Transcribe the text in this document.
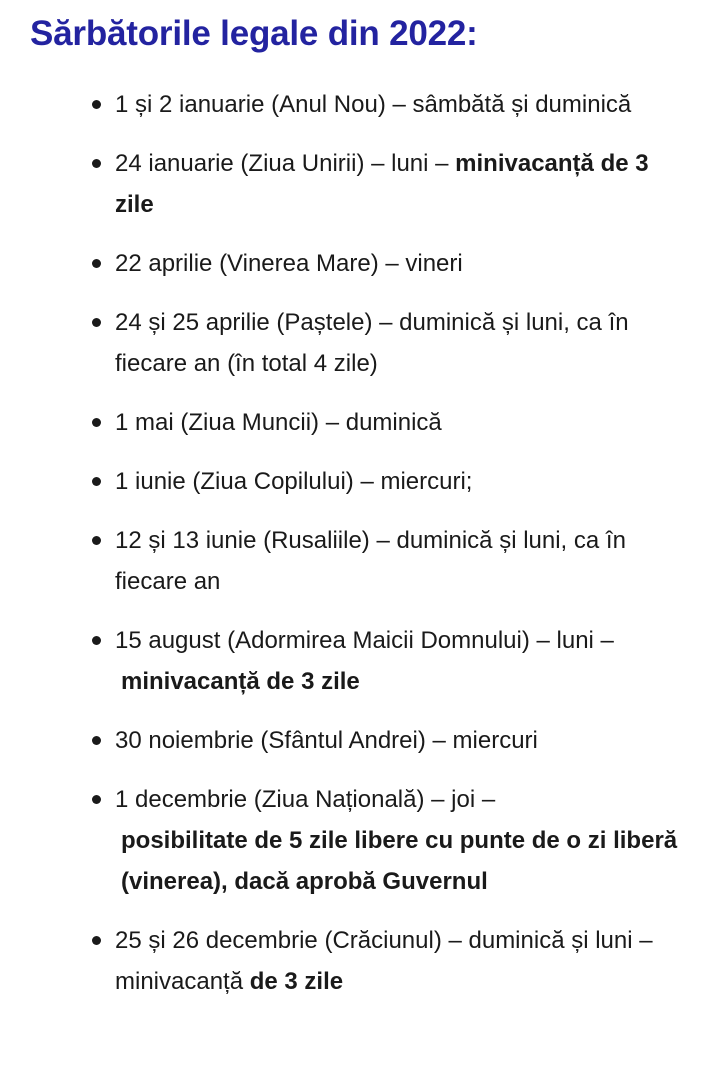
Sărbătorile legale din 2022:
1 și 2 ianuarie (Anul Nou) – sâmbătă și duminică
24 ianuarie (Ziua Unirii) – luni – minivacanță de 3 zile
22 aprilie (Vinerea Mare) – vineri
24 și 25 aprilie (Paștele) – duminică și luni, ca în fiecare an (în total 4 zile)
1 mai (Ziua Muncii) – duminică
1 iunie (Ziua Copilului) – miercuri;
12 și 13 iunie (Rusaliile) – duminică și luni, ca în fiecare an
15 august (Adormirea Maicii Domnului) – luni –
minivacanță de 3 zile
30 noiembrie (Sfântul Andrei) – miercuri
1 decembrie (Ziua Națională) – joi –
posibilitate de 5 zile libere cu punte de o zi liberă (vinerea), dacă aprobă Guvernul
25 și 26 decembrie (Crăciunul) – duminică și luni – minivacanță de 3 zile
